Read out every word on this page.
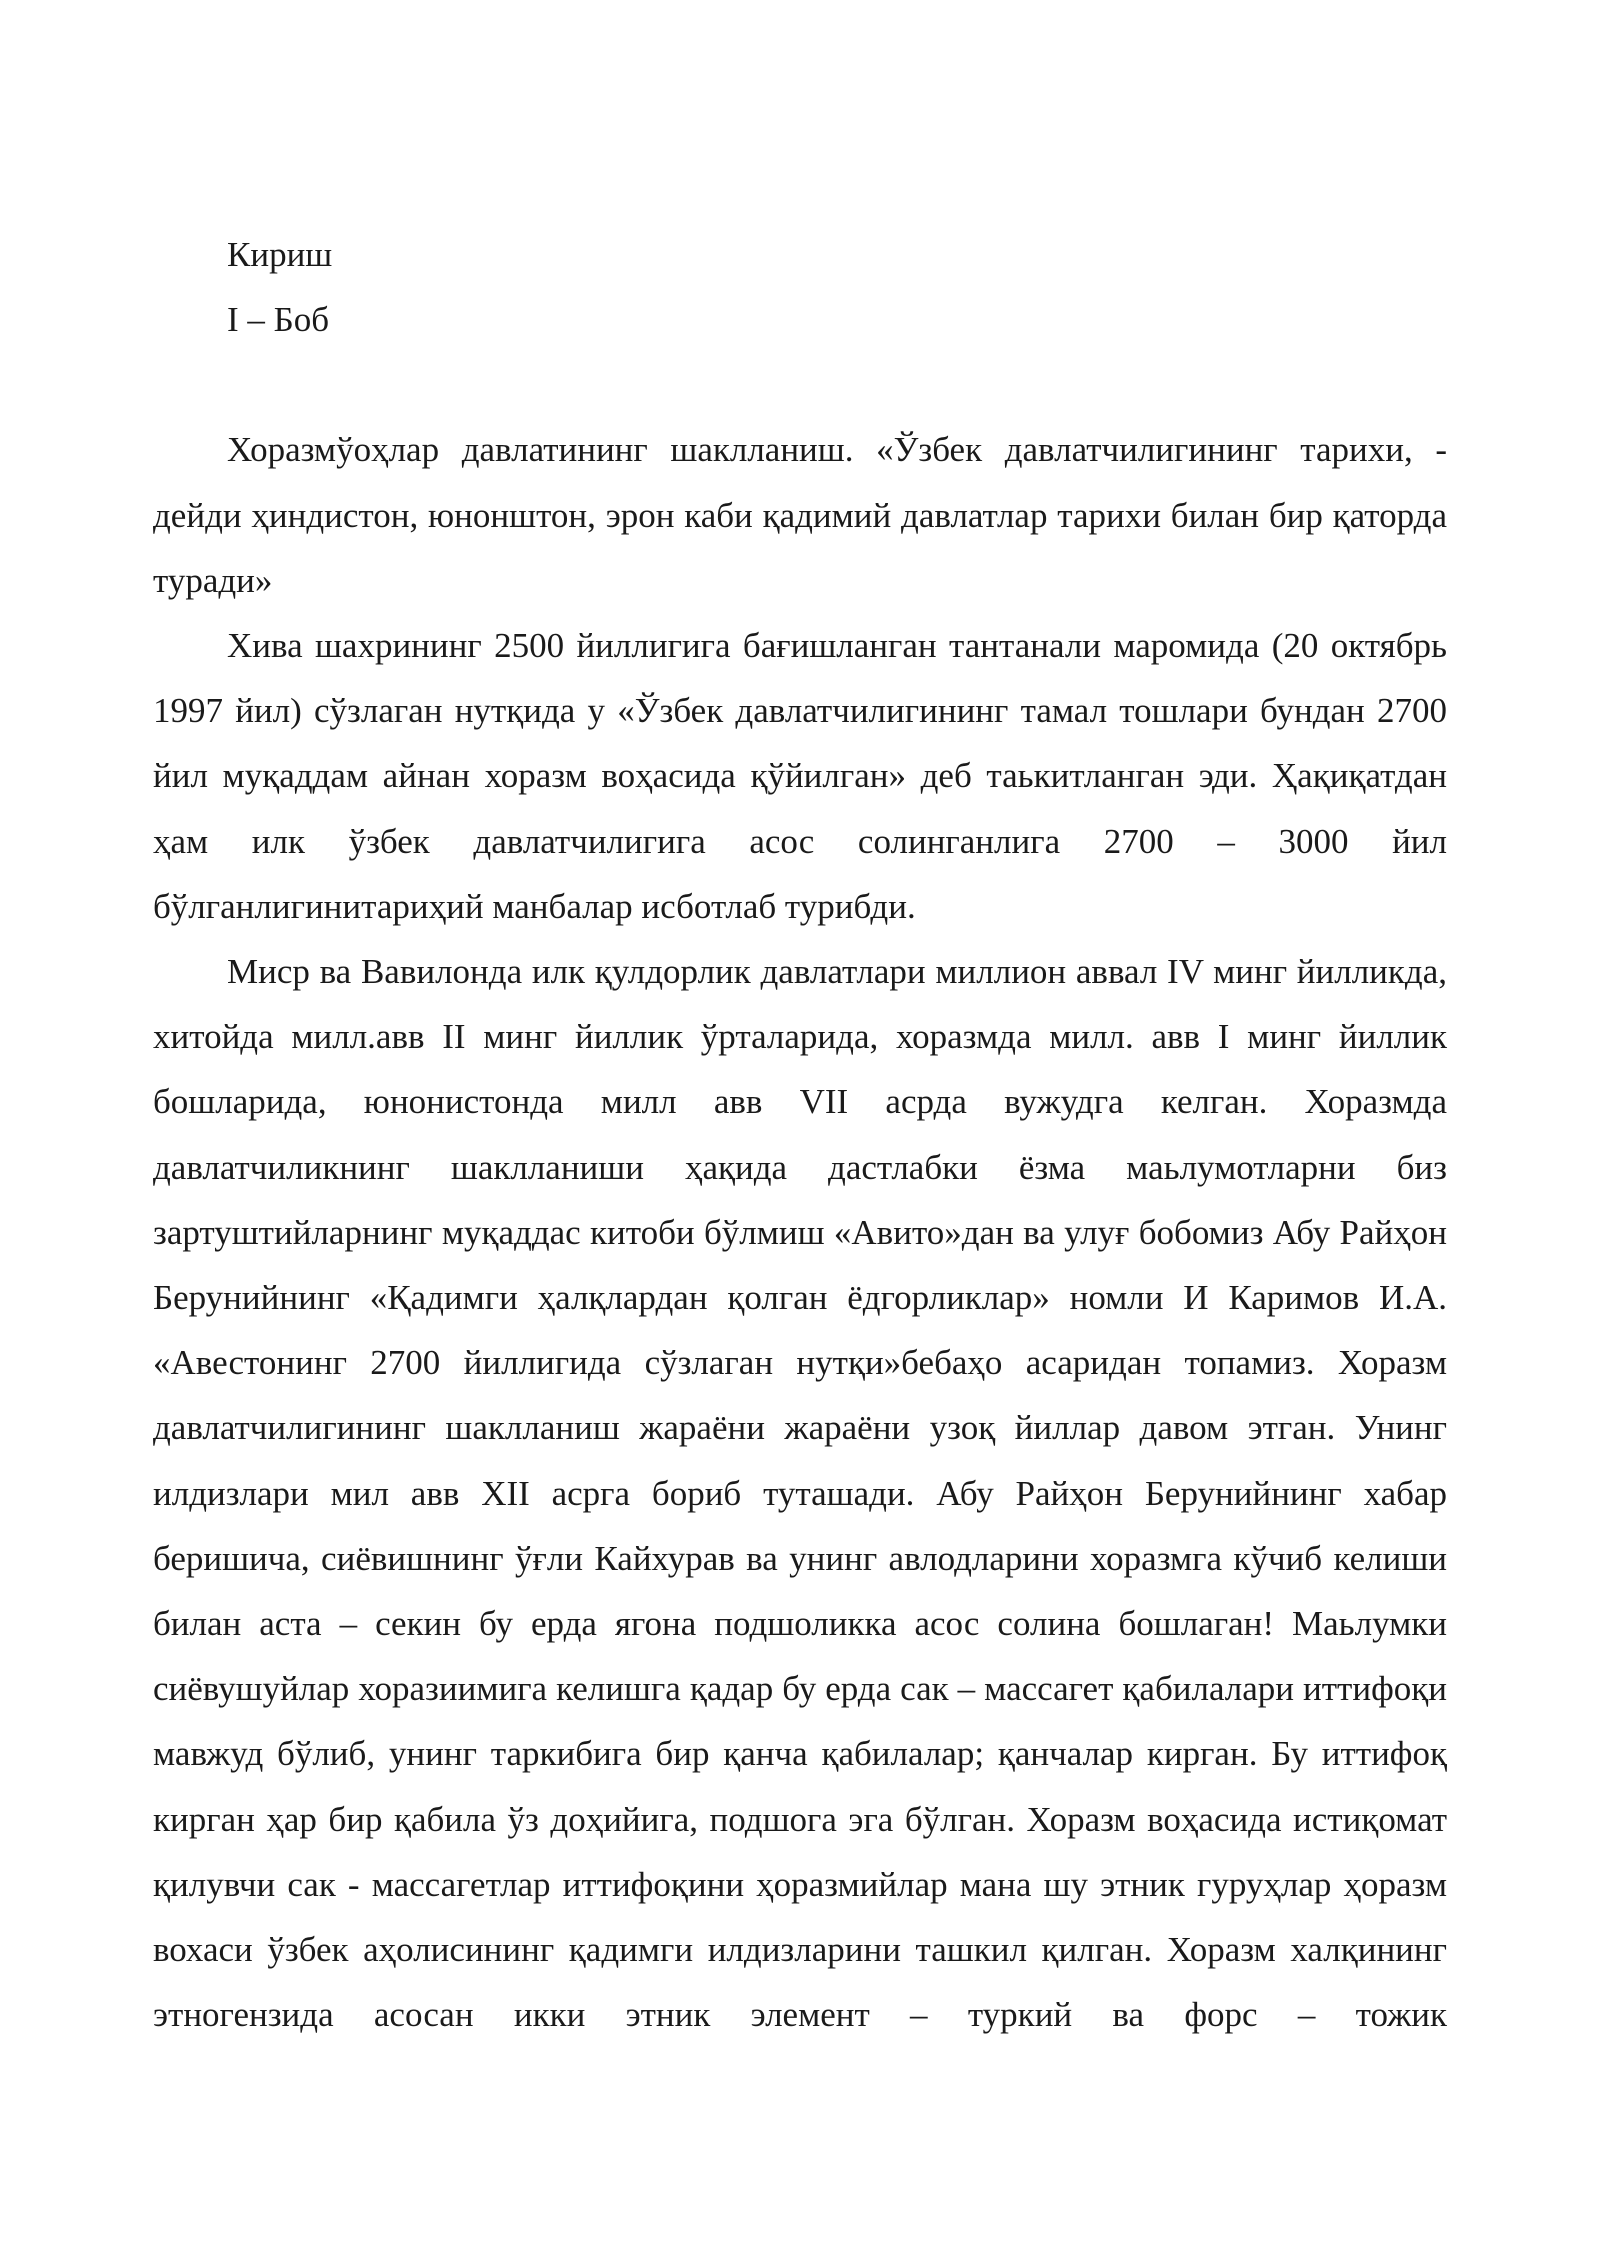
Кириш

I – Боб

Хоразмўоҳлар давлатининг шаклланиш. «Ўзбек давлатчилигининг тарихи, - дейди ҳиндистон, юнонштон, эрон каби қадимий давлатлар тарихи билан бир қаторда туради»

Хива шахрининг 2500 йиллигига бағишланган тантанали маромида (20 октябрь 1997 йил) сўзлаган нутқида у «Ўзбек давлатчилигининг тамал тошлари бундан 2700 йил муқаддам айнан хоразм воҳасида қўйилган» деб таькитланган эди. Ҳақиқатдан ҳам илк ўзбек давлатчилигига асос солинганлига 2700 – 3000 йил бўлганлигинитариҳий манбалар исботлаб турибди.

Миср ва Вавилонда илк қулдорлик давлатлари миллион аввал IV минг йилликда, хитойда милл.авв II минг йиллик ўрталарида, хоразмда милл. авв I минг йиллик бошларида, юнонистонда милл авв VII асрда вужудга келган. Хоразмда давлатчиликнинг шаклланиши ҳақида дастлабки ёзма маьлумотларни биз зартуштийларнинг муқаддас китоби бўлмиш «Авито»дан ва улуғ бобомиз Абу Райҳон Берунийнинг «Қадимги ҳалқлардан қолган ёдгорликлар» номли И Каримов И.А. «Авестонинг 2700 йиллигида сўзлаган нутқи»бебаҳо асаридан топамиз. Хоразм давлатчилигининг шаклланиш жараёни жараёни узоқ йиллар давом этган. Унинг илдизлари мил авв XII асрга бориб туташади. Абу Райҳон Берунийнинг хабар беришича, сиёвишнинг ўғли Кайхурав ва унинг авлодларини хоразмга кўчиб келиши билан аста – секин бу ерда ягона подшоликка асос солина бошлаган! Маьлумки сиёвушуйлар хоразиимига келишга қадар бу ерда сак – массагет қабилалари иттифоқи мавжуд бўлиб, унинг таркибига бир қанча қабилалар; қанчалар кирган. Бу иттифоқ кирган ҳар бир қабила ўз доҳийига, подшога эга бўлган. Хоразм воҳасида истиқомат қилувчи сак - массагетлар иттифоқини ҳоразмийлар мана шу этник гуруҳлар ҳоразм вохаси ўзбек аҳолисининг қадимги илдизларини ташкил қилган. Хоразм халқининг этногензида асосан икки этник элемент – туркий ва форс – тожик
